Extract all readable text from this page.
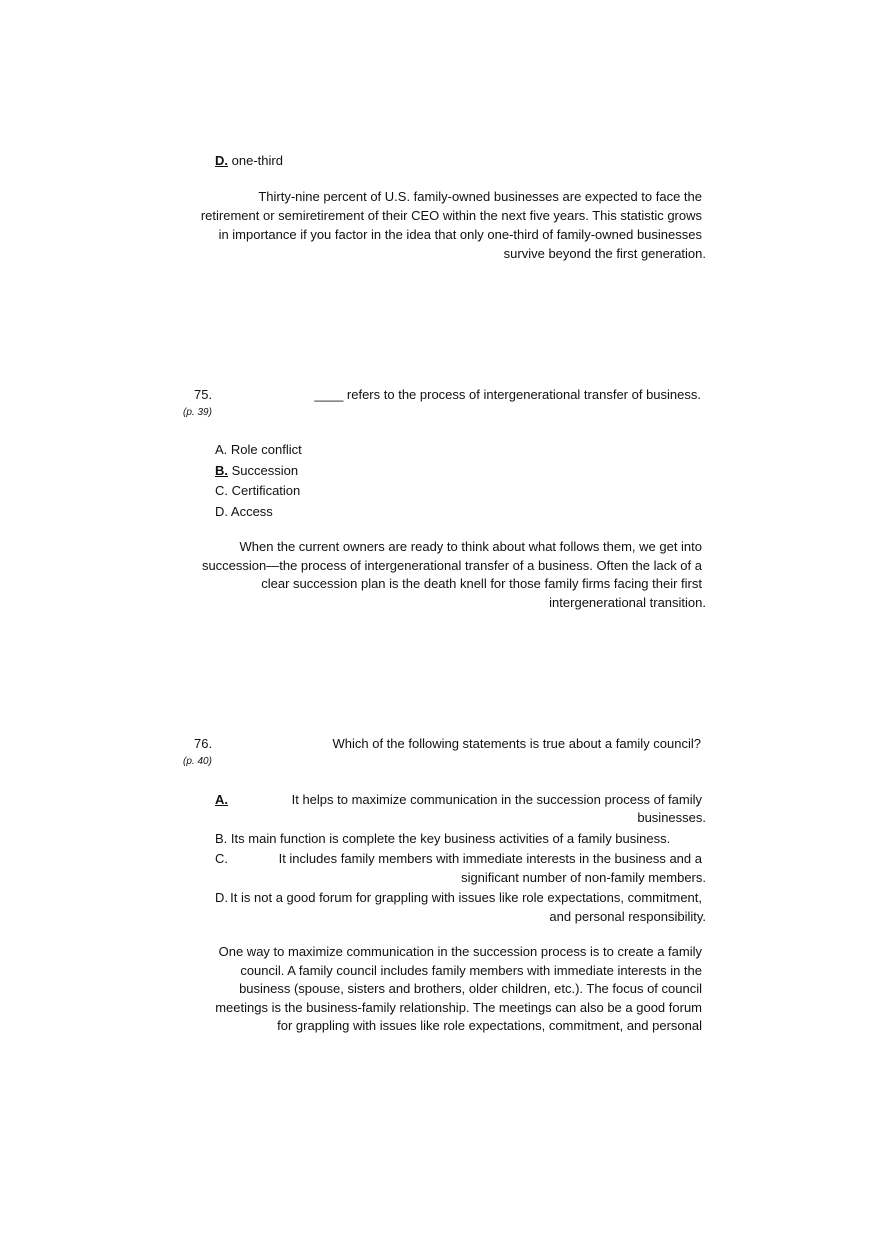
D. one-third
Thirty-nine percent of U.S. family-owned businesses are expected to face the
retirement or semiretirement of their CEO within the next five years. This statistic grows
in importance if you factor in the idea that only one-third of family-owned businesses
survive beyond the first generation.
75.
(p. 39)
____ refers to the process of intergenerational transfer of business.
A. Role conflict
B. Succession
C. Certification
D. Access
When the current owners are ready to think about what follows them, we get into
succession—the process of intergenerational transfer of a business. Often the lack of a
clear succession plan is the death knell for those family firms facing their first
intergenerational transition.
76.
(p. 40)
Which of the following statements is true about a family council?
A.	It helps to maximize communication in the succession process of family
businesses.
B. Its main function is complete the key business activities of a family business.
C.	It includes family members with immediate interests in the business and a
significant number of non-family members.
D. It is not a good forum for grappling with issues like role expectations, commitment,
and personal responsibility.
One way to maximize communication in the succession process is to create a family
council. A family council includes family members with immediate interests in the
business (spouse, sisters and brothers, older children, etc.). The focus of council
meetings is the business-family relationship. The meetings can also be a good forum
for grappling with issues like role expectations, commitment, and personal
